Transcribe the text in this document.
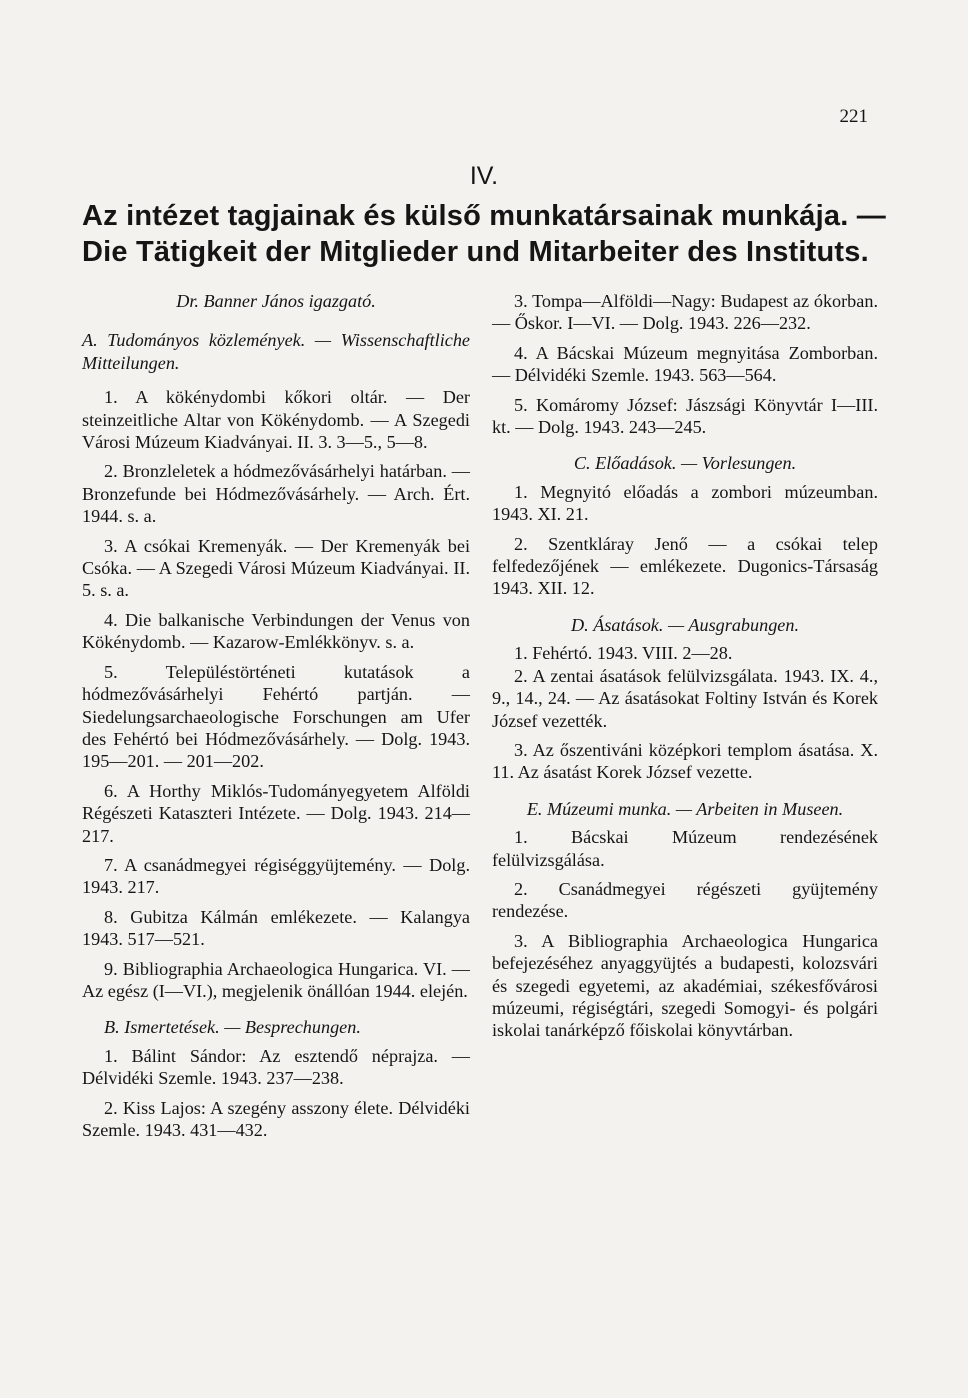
221
IV.
Az intézet tagjainak és külső munkatársainak munkája. —
Die Tätigkeit der Mitglieder und Mitarbeiter des Instituts.

Dr. Banner János igazgató.

A. Tudományos közlemények. — Wissenschaftliche Mitteilungen.

1. A kökénydombi kőkori oltár. — Der steinzeitliche Altar von Kökénydomb. — A Szegedi Városi Múzeum Kiadványai. II. 3. 3—5., 5—8.

2. Bronzleletek a hódmezővásárhelyi határban. — Bronzefunde bei Hódmezővásárhely. — Arch. Ért. 1944. s. a.

3. A csókai Kremenyák. — Der Kremenyák bei Csóka. — A Szegedi Városi Múzeum Kiadványai. II. 5. s. a.

4. Die balkanische Verbindungen der Venus von Kökénydomb. — Kazarow-Emlékkönyv. s. a.

5. Településtörténeti kutatások a hódmezővásárhelyi Fehértó partján. — Siedelungsarchaeologische Forschungen am Ufer des Fehértó bei Hódmezővásárhely. — Dolg. 1943. 195—201. — 201—202.

6. A Horthy Miklós-Tudományegyetem Alföldi Régészeti Kataszteri Intézete. — Dolg. 1943. 214—217.

7. A csanádmegyei régiséggyüjtemény. — Dolg. 1943. 217.

8. Gubitza Kálmán emlékezete. — Kalangya 1943. 517—521.

9. Bibliographia Archaeologica Hungarica. VI. — Az egész (I—VI.), megjelenik önállóan 1944. elején.

B. Ismertetések. — Besprechungen.

1. Bálint Sándor: Az esztendő néprajza. — Délvidéki Szemle. 1943. 237—238.

2. Kiss Lajos: A szegény asszony élete. Délvidéki Szemle. 1943. 431—432.

3. Tompa—Alföldi—Nagy: Budapest az ókorban. — Őskor. I—VI. — Dolg. 1943. 226—232.

4. A Bácskai Múzeum megnyitása Zomborban. — Délvidéki Szemle. 1943. 563—564.

5. Komáromy József: Jászsági Könyvtár I—III. kt. — Dolg. 1943. 243—245.

C. Előadások. — Vorlesungen.

1. Megnyitó előadás a zombori múzeumban. 1943. XI. 21.

2. Szentkláray Jenő — a csókai telep felfedezőjének — emlékezete. Dugonics-Társaság 1943. XII. 12.

D. Ásatások. — Ausgrabungen.

1. Fehértó. 1943. VIII. 2—28.

2. A zentai ásatások felülvizsgálata. 1943. IX. 4., 9., 14., 24. — Az ásatásokat Foltiny István és Korek József vezették.

3. Az őszentiváni középkori templom ásatása. X. 11. Az ásatást Korek József vezette.

E. Múzeumi munka. — Arbeiten in Museen.

1. Bácskai Múzeum rendezésének felülvizsgálása.

2. Csanádmegyei régészeti gyüjtemény rendezése.

3. A Bibliographia Archaeologica Hungarica befejezéséhez anyaggyüjtés a budapesti, kolozsvári és szegedi egyetemi, az akadémiai, székesfővárosi múzeumi, régiségtári, szegedi Somogyi- és polgári iskolai tanárképző főiskolai könyvtárban.
